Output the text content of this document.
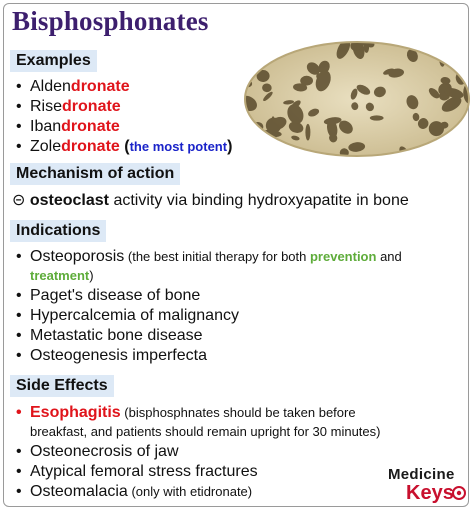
Bisphosphonates
Examples
• Aldendronate
• Risedronate
• Ibandronate
• Zoledronate (the most potent)
Mechanism of action
⊝ osteoclast activity via binding hydroxyapatite in bone
Indications
• Osteoporosis (the best initial therapy for both prevention and
treatment)
• Paget's disease of bone
• Hypercalcemia of malignancy
• Metastatic bone disease
• Osteogenesis imperfecta
Side Effects
• Esophagitis (bisphosphnates should be taken before
breakfast, and patients should remain upright for 30 minutes)
• Osteonecrosis of jaw
• Atypical femoral stress fractures
• Osteomalacia (only with etidronate)
Medicine
Keys
